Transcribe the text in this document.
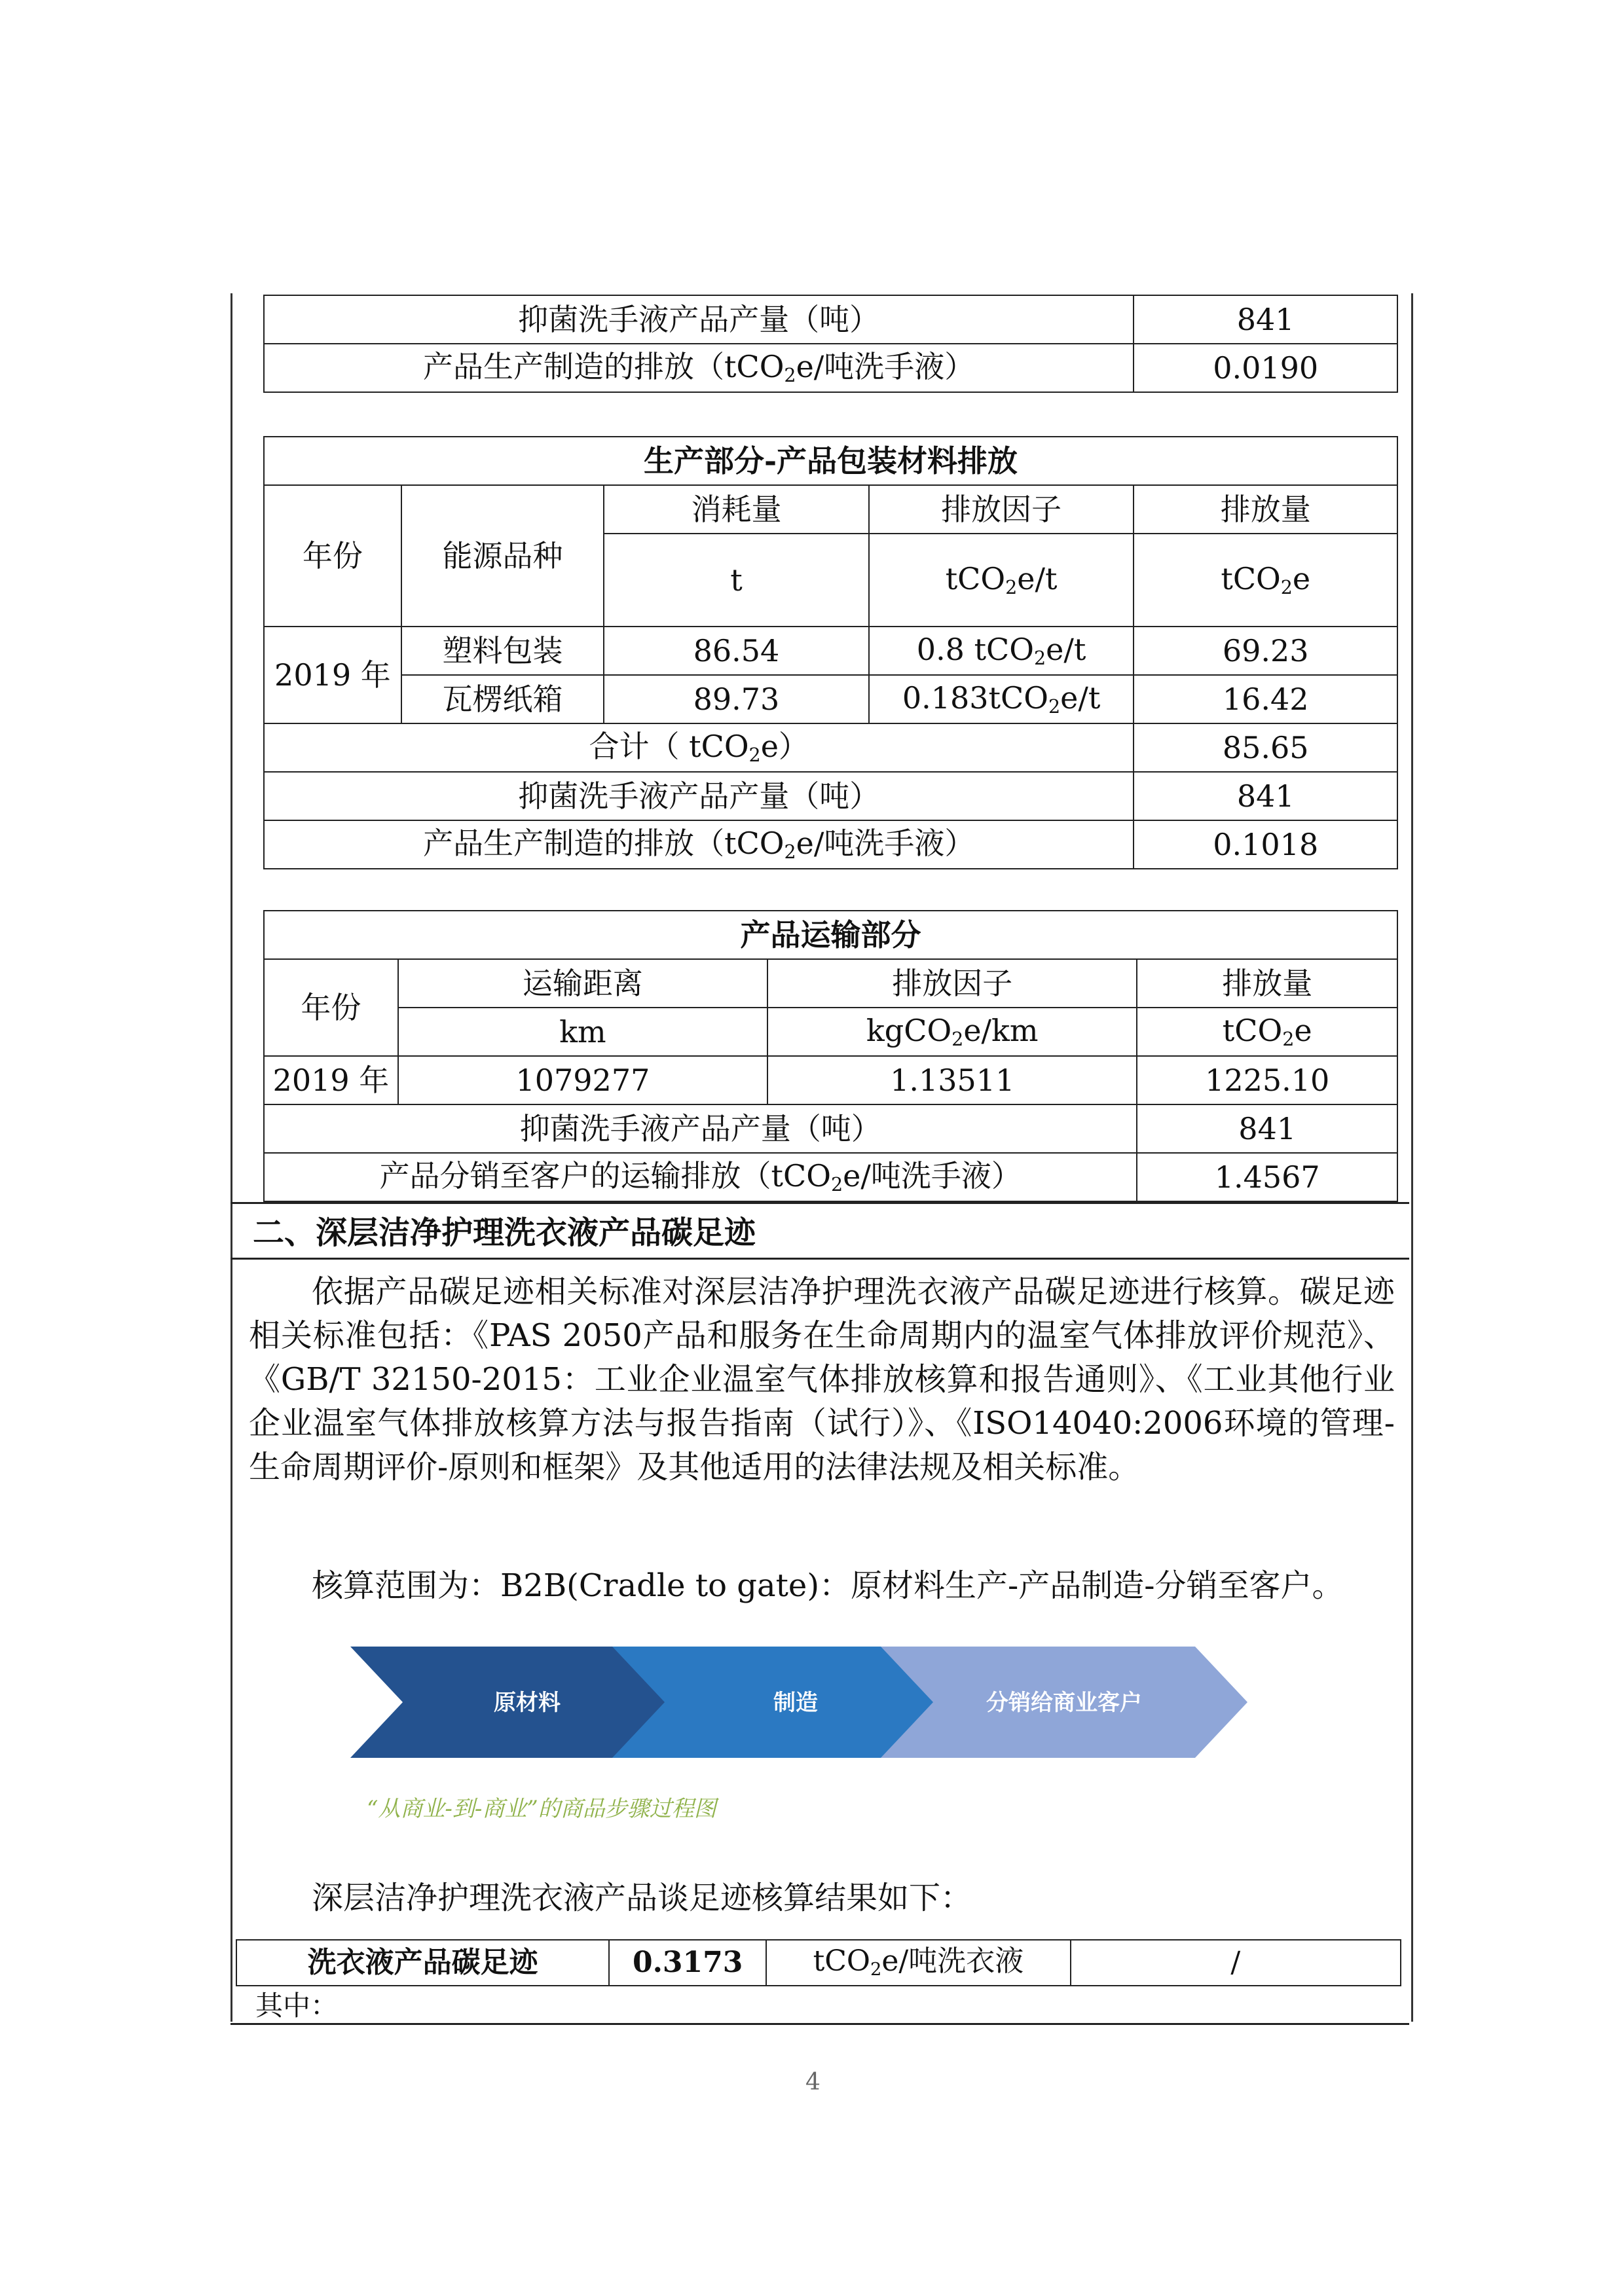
抑菌洗手液产品产量（吨）	841
产品生产制造的排放（tCO$_2$e/吨洗手液）	0.0190
生产部分-产品包装材料排放				
年份	能源品种	消耗量	排放因子	排放量
		t	tCO$_2$e/t	tCO$_2$e
2019 年	塑料包装	86.54	0.8 tCO$_2$e/t	69.23
	瓦楞纸箱	89.73	0.183tCO$_2$e/t	16.42
合计（ tCO$_2$e）				85.65
抑菌洗手液产品产量（吨）				841
产品生产制造的排放（tCO$_2$e/吨洗手液）				0.1018
产品运输部分			
年份	运输距离	排放因子	排放量
	km	kgCO$_2$e/km	tCO$_2$e
2019 年	1079277	1.13511	1225.10
抑菌洗手液产品产量（吨）			841
产品分销至客户的运输排放（tCO$_2$e/吨洗手液）			1.4567
二、深层洁净护理洗衣液产品碳足迹
依据产品碳足迹相关标准对深层洁净护理洗衣液产品碳足迹进行核算。碳足迹相关标准包括：《PAS 2050产品和服务在生命周期内的温室气体排放评价规范》、《GB/T 32150-2015：工业企业温室气体排放核算和报告通则》、《工业其他行业企业温室气体排放核算方法与报告指南（试行）》、《ISO14040:2006环境的管理-生命周期评价-原则和框架》及其他适用的法律法规及相关标准。
核算范围为：B2B(Cradle to gate)：原材料生产-产品制造-分销至客户。
原材料	制造	分销给商业客户
“从商业-到-商业”的商品步骤过程图
深层洁净护理洗衣液产品谈足迹核算结果如下：
洗衣液产品碳足迹	0.3173	tCO$_2$e/吨洗衣液	/
其中：
4
